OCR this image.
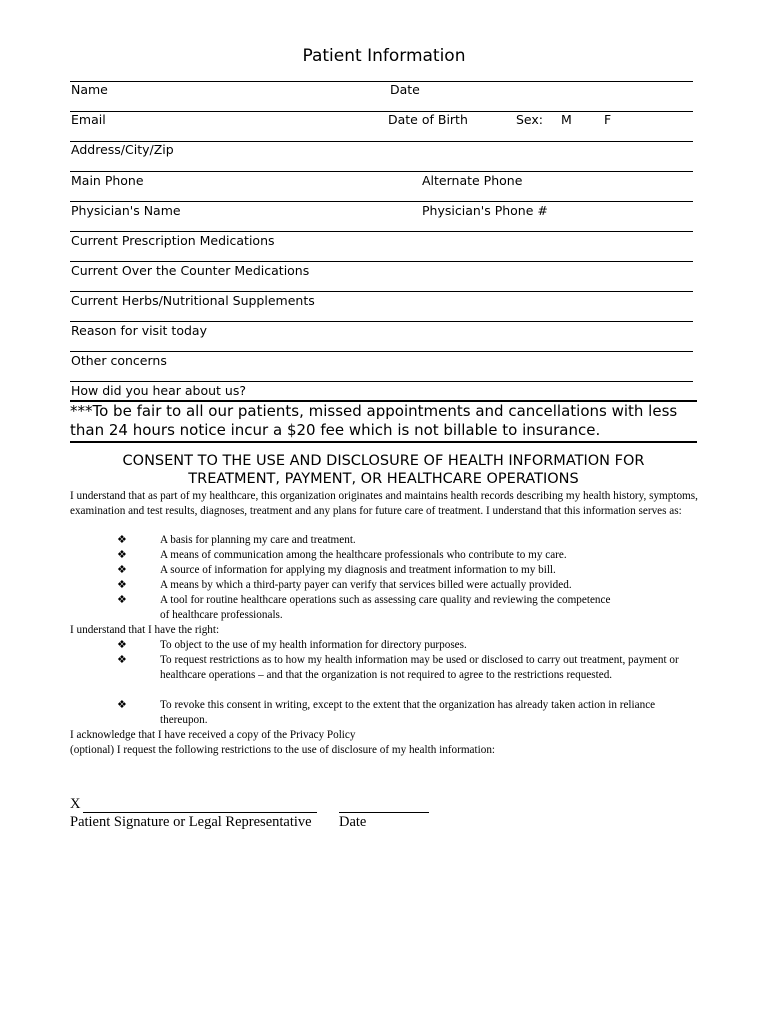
Patient Information
Name	Date
Email	Date of Birth	Sex: M	F
Address/City/Zip
Main Phone	Alternate Phone
Physician's Name	Physician's Phone #
Current Prescription Medications
Current Over the Counter Medications
Current Herbs/Nutritional Supplements
Reason for visit today
Other concerns
How did you hear about us?
***To be fair to all our patients, missed appointments and cancellations with less than 24 hours notice incur a $20 fee which is not billable to insurance.
CONSENT TO THE USE AND DISCLOSURE OF HEALTH INFORMATION FOR
TREATMENT, PAYMENT, OR HEALTHCARE OPERATIONS
I understand that as part of my healthcare, this organization originates and maintains health records describing my health history, symptoms, examination and test results, diagnoses, treatment and any plans for future care of treatment. I understand that this information serves as:
❖	A basis for planning my care and treatment.
❖	A means of communication among the healthcare professionals who contribute to my care.
❖	A source of information for applying my diagnosis and treatment information to my bill.
❖	A means by which a third-party payer can verify that services billed were actually provided.
❖	A tool for routine healthcare operations such as assessing care quality and reviewing the competence of healthcare professionals.
I understand that I have the right:
❖	To object to the use of my health information for directory purposes.
❖	To request restrictions as to how my health information may be used or disclosed to carry out treatment, payment or healthcare operations – and that the organization is not required to agree to the restrictions requested.
❖	To revoke this consent in writing, except to the extent that the organization has already taken action in reliance thereupon.
I acknowledge that I have received a copy of the Privacy Policy
(optional) I request the following restrictions to the use of disclosure of my health information:
X
Patient Signature or Legal Representative Date
